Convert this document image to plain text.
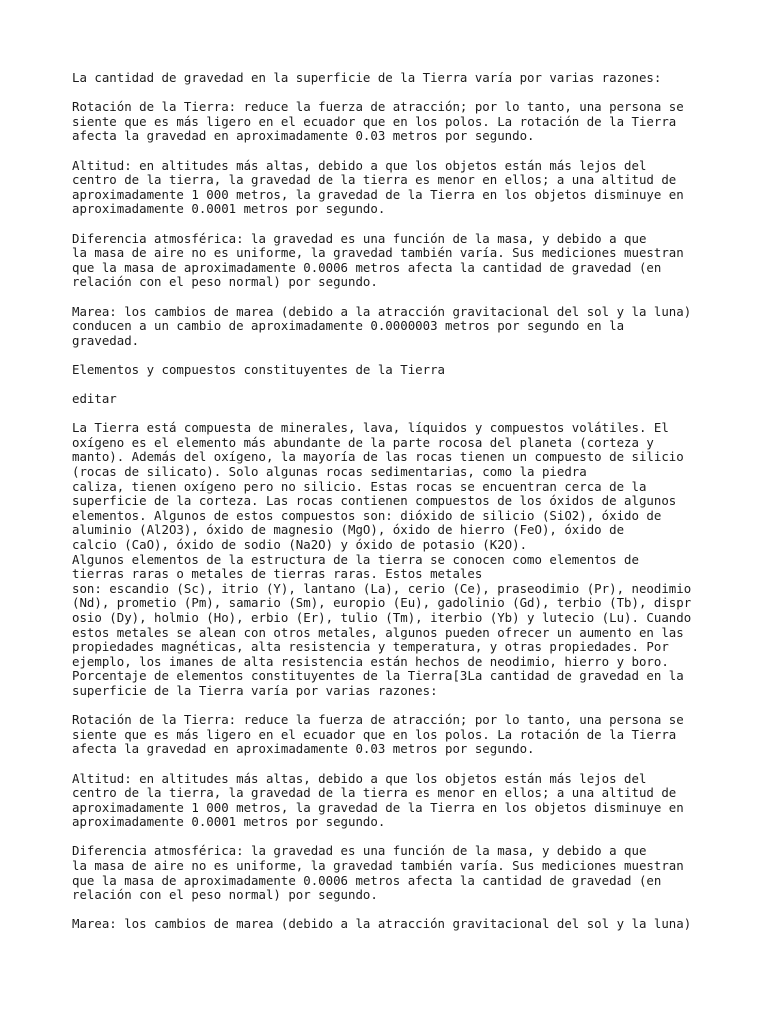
La cantidad de gravedad en la superficie de la Tierra varía por varias razones:
Rotación de la Tierra: reduce la fuerza de atracción; por lo tanto, una persona se
siente que es más ligero en el ecuador que en los polos. La rotación de la Tierra
afecta la gravedad en aproximadamente 0.03 metros por segundo.
Altitud: en altitudes más altas, debido a que los objetos están más lejos del
centro de la tierra, la gravedad de la tierra es menor en ellos; a una altitud de
aproximadamente 1 000 metros, la gravedad de la Tierra en los objetos disminuye en
aproximadamente 0.0001 metros por segundo.
Diferencia atmosférica: la gravedad es una función de la masa, y debido a que
la masa de aire no es uniforme, la gravedad también varía. Sus mediciones muestran
que la masa de aproximadamente 0.0006 metros afecta la cantidad de gravedad (en
relación con el peso normal) por segundo.
Marea: los cambios de marea (debido a la atracción gravitacional del sol y la luna)
conducen a un cambio de aproximadamente 0.0000003 metros por segundo en la
gravedad.
Elementos y compuestos constituyentes de la Tierra
editar
La Tierra está compuesta de minerales, lava, líquidos y compuestos volátiles. El
oxígeno es el elemento más abundante de la parte rocosa del planeta (corteza y
manto). Además del oxígeno, la mayoría de las rocas tienen un compuesto de silicio
(rocas de silicato). Solo algunas rocas sedimentarias, como la piedra
caliza, tienen oxígeno pero no silicio. Estas rocas se encuentran cerca de la
superficie de la corteza. Las rocas contienen compuestos de los óxidos de algunos
elementos. Algunos de estos compuestos son: dióxido de silicio (SiO2), óxido de
aluminio (Al2O3), óxido de magnesio (MgO), óxido de hierro (FeO), óxido de
calcio (CaO), óxido de sodio (Na2O) y óxido de potasio (K2O).
Algunos elementos de la estructura de la tierra se conocen como elementos de
tierras raras o metales de tierras raras. Estos metales
son: escandio (Sc), itrio (Y), lantano (La), cerio (Ce), praseodimio (Pr), neodimio
(Nd), prometio (Pm), samario (Sm), europio (Eu), gadolinio (Gd), terbio (Tb), dispr
osio (Dy), holmio (Ho), erbio (Er), tulio (Tm), iterbio (Yb) y lutecio (Lu). Cuando
estos metales se alean con otros metales, algunos pueden ofrecer un aumento en las
propiedades magnéticas, alta resistencia y temperatura, y otras propiedades. Por
ejemplo, los imanes de alta resistencia están hechos de neodimio, hierro y boro.
Porcentaje de elementos constituyentes de la Tierra[3La cantidad de gravedad en la
superficie de la Tierra varía por varias razones:
Rotación de la Tierra: reduce la fuerza de atracción; por lo tanto, una persona se
siente que es más ligero en el ecuador que en los polos. La rotación de la Tierra
afecta la gravedad en aproximadamente 0.03 metros por segundo.
Altitud: en altitudes más altas, debido a que los objetos están más lejos del
centro de la tierra, la gravedad de la tierra es menor en ellos; a una altitud de
aproximadamente 1 000 metros, la gravedad de la Tierra en los objetos disminuye en
aproximadamente 0.0001 metros por segundo.
Diferencia atmosférica: la gravedad es una función de la masa, y debido a que
la masa de aire no es uniforme, la gravedad también varía. Sus mediciones muestran
que la masa de aproximadamente 0.0006 metros afecta la cantidad de gravedad (en
relación con el peso normal) por segundo.
Marea: los cambios de marea (debido a la atracción gravitacional del sol y la luna)
